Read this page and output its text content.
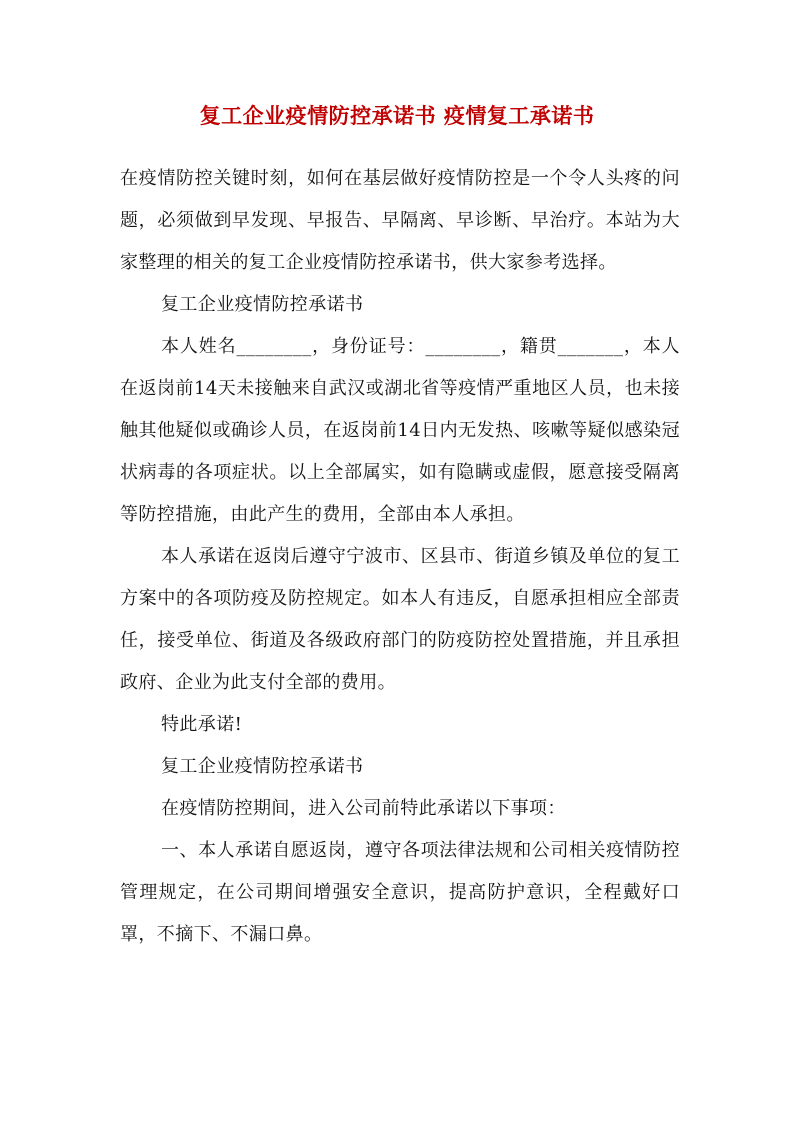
复工企业疫情防控承诺书 疫情复工承诺书

在疫情防控关键时刻，如何在基层做好疫情防控是一个令人头疼的问题，必须做到早发现、早报告、早隔离、早诊断、早治疗。本站为大家整理的相关的复工企业疫情防控承诺书，供大家参考选择。

复工企业疫情防控承诺书

本人姓名________，身份证号：________，籍贯_______，本人在返岗前14天未接触来自武汉或湖北省等疫情严重地区人员，也未接触其他疑似或确诊人员，在返岗前14日内无发热、咳嗽等疑似感染冠状病毒的各项症状。以上全部属实，如有隐瞒或虚假，愿意接受隔离等防控措施，由此产生的费用，全部由本人承担。

本人承诺在返岗后遵守宁波市、区县市、街道乡镇及单位的复工方案中的各项防疫及防控规定。如本人有违反，自愿承担相应全部责任，接受单位、街道及各级政府部门的防疫防控处置措施，并且承担政府、企业为此支付全部的费用。

特此承诺!

复工企业疫情防控承诺书

在疫情防控期间，进入公司前特此承诺以下事项：

一、本人承诺自愿返岗，遵守各项法律法规和公司相关疫情防控管理规定，在公司期间增强安全意识，提高防护意识，全程戴好口罩，不摘下、不漏口鼻。
